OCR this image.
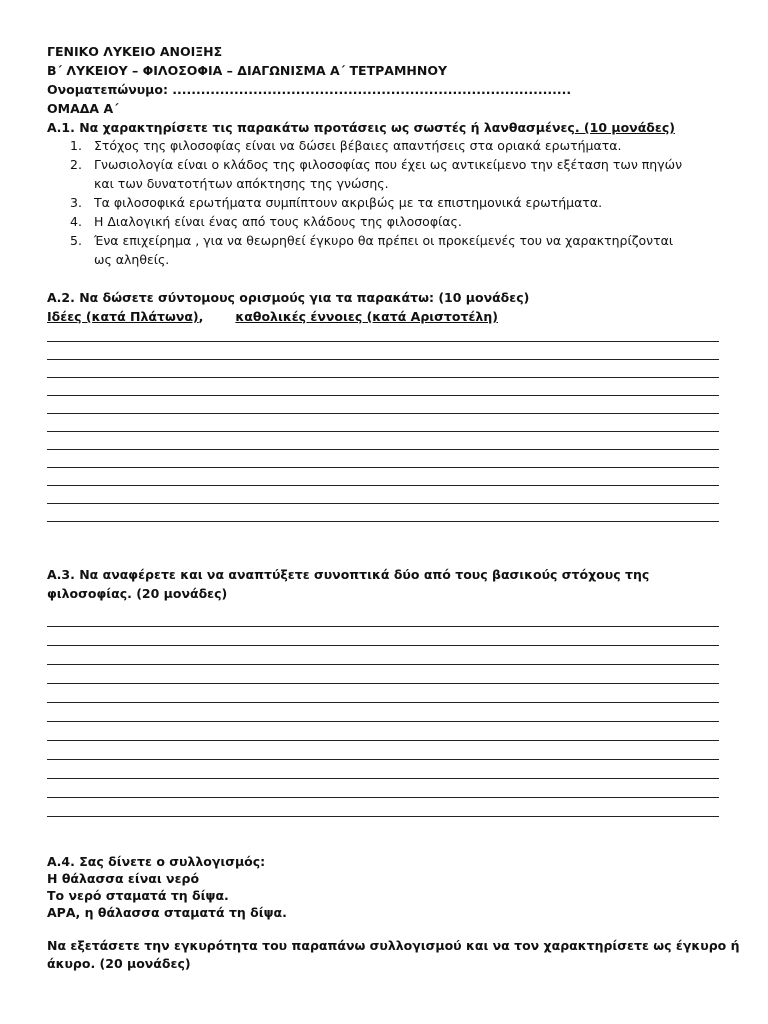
ΓΕΝΙΚΟ ΛΥΚΕΙΟ ΑΝΟΙΞΗΣ
Β΄ ΛΥΚΕΙΟΥ – ΦΙΛΟΣΟΦΙΑ – ΔΙΑΓΩΝΙΣΜΑ Α΄ ΤΕΤΡΑΜΗΝΟΥ
Ονοματεπώνυμο: ....................................................................................
ΟΜΑΔΑ Α΄
Α.1. Να χαρακτηρίσετε τις παρακάτω προτάσεις ως σωστές ή λανθασμένες. (10 μονάδες)
1. Στόχος της φιλοσοφίας είναι να δώσει βέβαιες απαντήσεις στα οριακά ερωτήματα.
2. Γνωσιολογία είναι ο κλάδος της φιλοσοφίας που έχει ως αντικείμενο την εξέταση των πηγών
και των δυνατοτήτων απόκτησης της γνώσης.
3. Τα φιλοσοφικά ερωτήματα συμπίπτουν ακριβώς με τα επιστημονικά ερωτήματα.
4. Η Διαλογική είναι ένας από τους κλάδους της φιλοσοφίας.
5. Ένα επιχείρημα , για να θεωρηθεί έγκυρο θα πρέπει οι προκείμενές του να χαρακτηρίζονται
ως αληθείς.
Α.2. Να δώσετε σύντομους ορισμούς για τα παρακάτω: (10 μονάδες)
Ιδέες (κατά Πλάτωνα),	καθολικές έννοιες (κατά Αριστοτέλη)
Α.3. Να αναφέρετε και να αναπτύξετε συνοπτικά δύο από τους βασικούς στόχους της
φιλοσοφίας. (20 μονάδες)
Α.4. Σας δίνετε ο συλλογισμός:
Η θάλασσα είναι νερό
Το νερό σταματά τη δίψα.
ΑΡΑ, η θάλασσα σταματά τη δίψα.
Να εξετάσετε την εγκυρότητα του παραπάνω συλλογισμού και να τον χαρακτηρίσετε ως έγκυρο ή
άκυρο. (20 μονάδες)
